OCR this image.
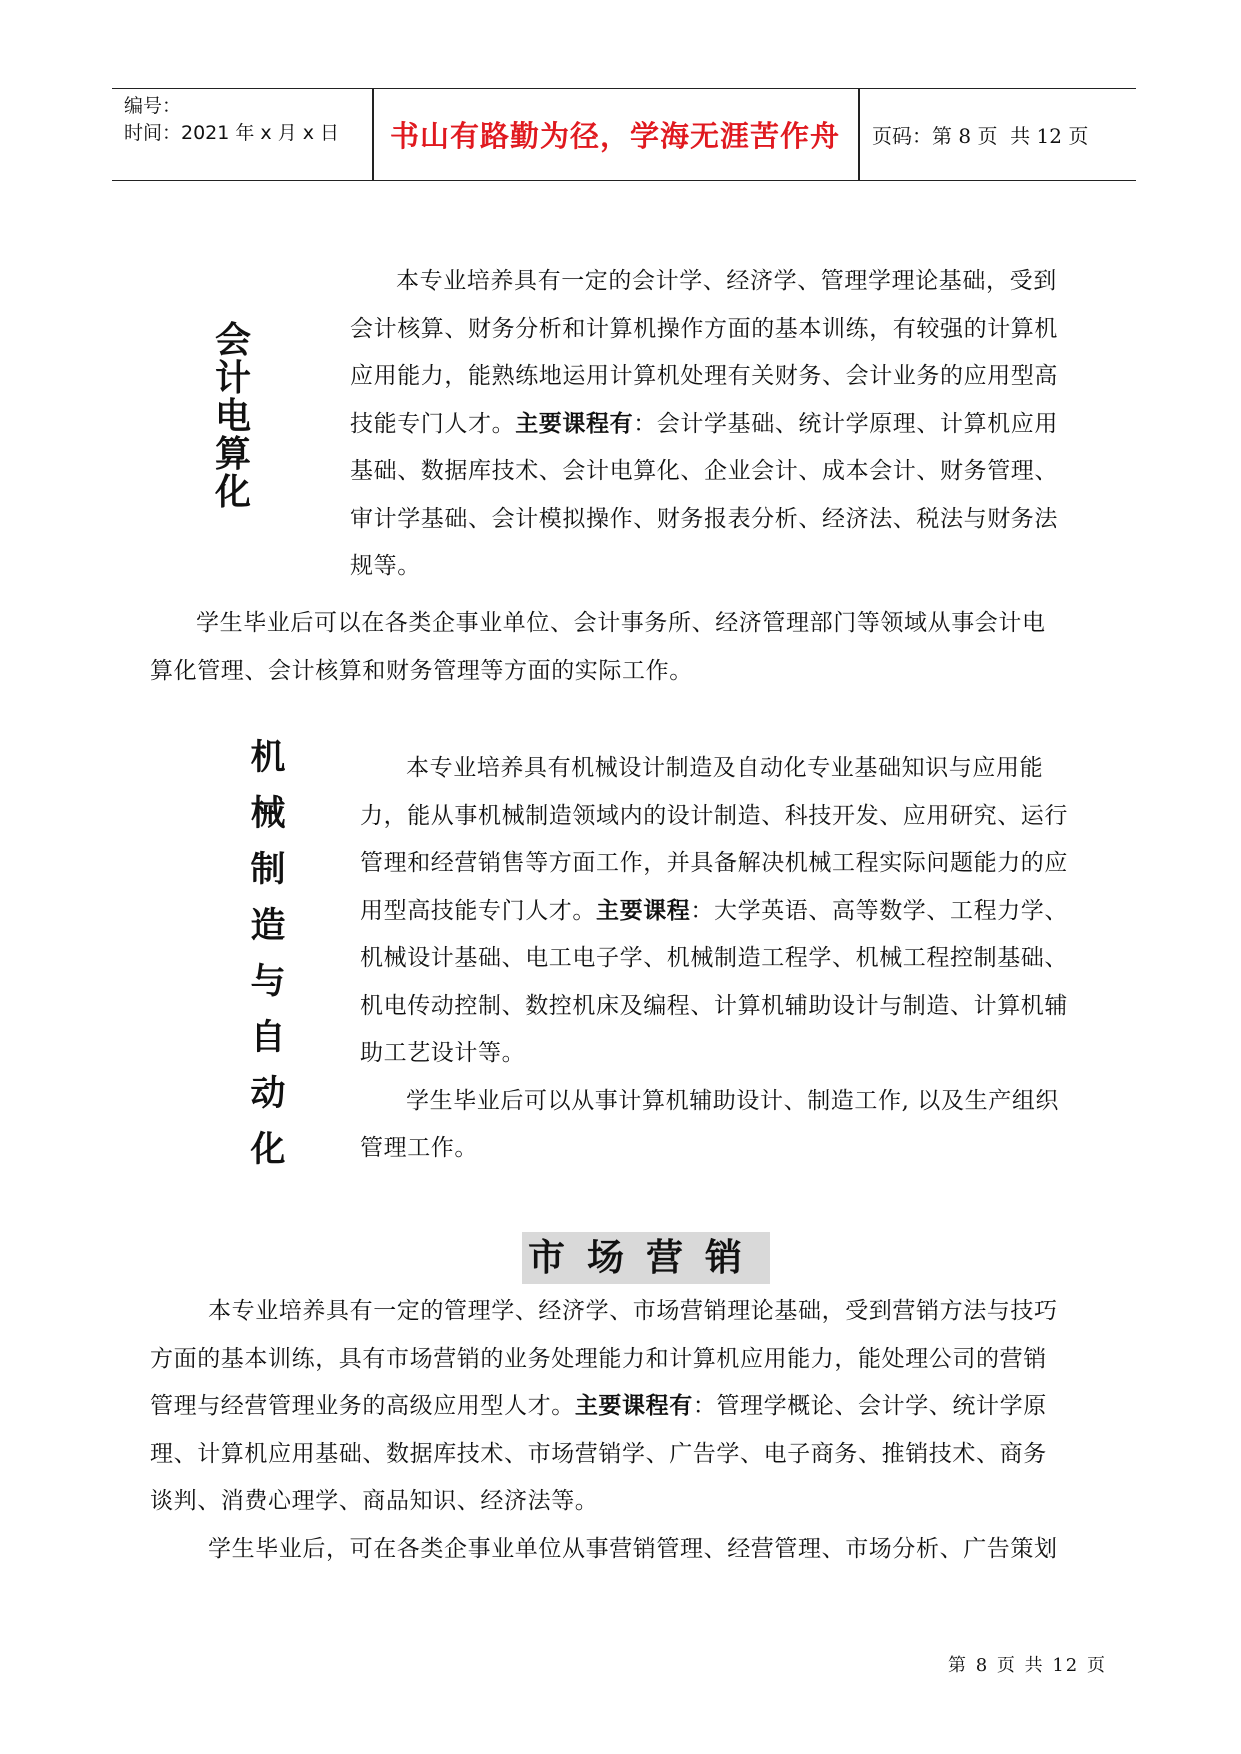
编号：
时间：2021 年 x 月 x 日 书山有路勤为径，学海无涯苦作舟 页码：第 8 页  共 12 页
会
计
电
算
化
本专业培养具有一定的会计学、经济学、管理学理论基础，受到
会计核算、财务分析和计算机操作方面的基本训练，有较强的计算机
应用能力，能熟练地运用计算机处理有关财务、会计业务的应用型高
技能专门人才。主要课程有：会计学基础、统计学原理、计算机应用
基础、数据库技术、会计电算化、企业会计、成本会计、财务管理、
审计学基础、会计模拟操作、财务报表分析、经济法、税法与财务法
规等。
学生毕业后可以在各类企事业单位、会计事务所、经济管理部门等领域从事会计电
算化管理、会计核算和财务管理等方面的实际工作。
机
械
制
造
与
自
动
化
本专业培养具有机械设计制造及自动化专业基础知识与应用能
力，能从事机械制造领域内的设计制造、科技开发、应用研究、运行
管理和经营销售等方面工作，并具备解决机械工程实际问题能力的应
用型高技能专门人才。主要课程：大学英语、高等数学、工程力学、
机械设计基础、电工电子学、机械制造工程学、机械工程控制基础、
机电传动控制、数控机床及编程、计算机辅助设计与制造、计算机辅
助工艺设计等。
学生毕业后可以从事计算机辅助设计、制造工作, 以及生产组织
管理工作。
市场营销
本专业培养具有一定的管理学、经济学、市场营销理论基础，受到营销方法与技巧
方面的基本训练，具有市场营销的业务处理能力和计算机应用能力，能处理公司的营销
管理与经营管理业务的高级应用型人才。主要课程有：管理学概论、会计学、统计学原
理、计算机应用基础、数据库技术、市场营销学、广告学、电子商务、推销技术、商务
谈判、消费心理学、商品知识、经济法等。
学生毕业后，可在各类企事业单位从事营销管理、经营管理、市场分析、广告策划
第 8 页 共 12 页
